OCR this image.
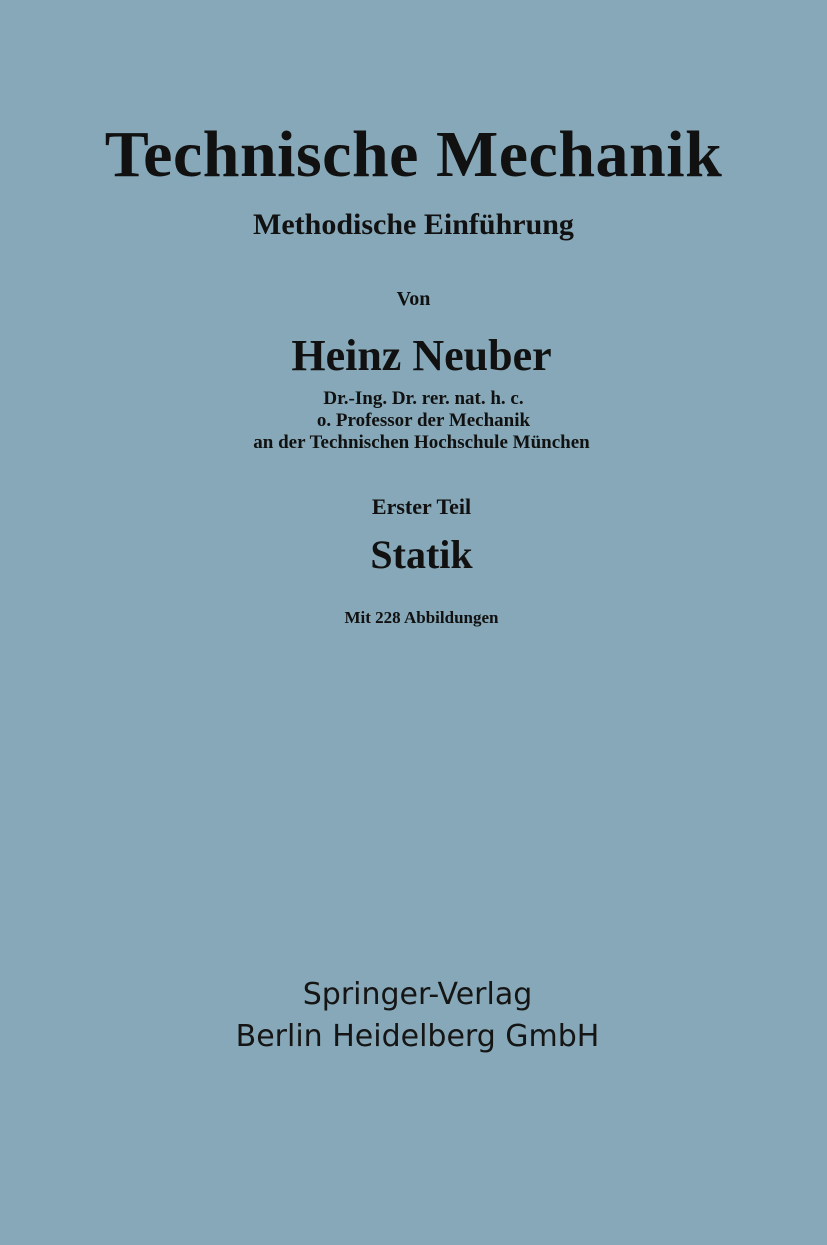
Technische Mechanik
Methodische Einführung
Von
Heinz Neuber
Dr.-Ing. Dr. rer. nat. h. c.
o. Professor der Mechanik
an der Technischen Hochschule München
Erster Teil
Statik
Mit 228 Abbildungen
Springer-Verlag
Berlin Heidelberg GmbH
